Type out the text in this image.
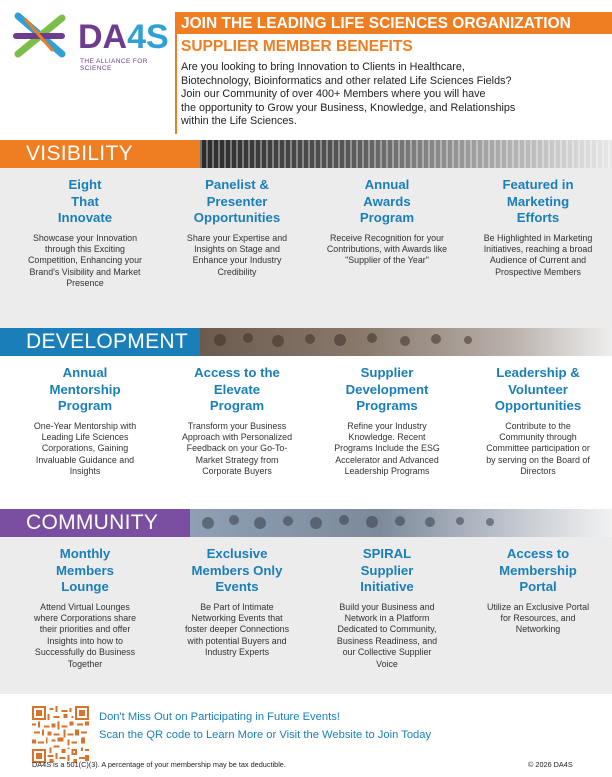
DA4S
THE ALLIANCE FOR SCIENCE
JOIN THE LEADING LIFE SCIENCES ORGANIZATION
SUPPLIER MEMBER BENEFITS

Are you looking to bring Innovation to Clients in Healthcare,

Biotechnology, Bioinformatics and other related Life Sciences Fields?

Join our Community of over 400+ Members where you will have

the opportunity to Grow your Business, Knowledge, and Relationships

within the Life Sciences.

VISIBILITY
Eight That Innovate

Showcase your Innovation through this Exciting Competition, Enhancing your Brand's Visibility and Market Presence

Panelist & Presenter Opportunities

Share your Expertise and Insights on Stage and Enhance your Industry Credibility

Annual Awards Program

Receive Recognition for your Contributions, with Awards like "Supplier of the Year"

Featured in Marketing Efforts

Be Highlighted in Marketing Initiatives, reaching a broad Audience of Current and Prospective Members

DEVELOPMENT
Annual Mentorship Program

One-Year Mentorship with Leading Life Sciences Corporations, Gaining Invaluable Guidance and Insights

Access to the Elevate Program

Transform your Business Approach with Personalized Feedback on your Go-To-Market Strategy from Corporate Buyers

Supplier Development Programs

Refine your Industry Knowledge. Recent Programs Include the ESG Accelerator and Advanced Leadership Programs

Leadership & Volunteer Opportunities

Contribute to the Community through Committee participation or by serving on the Board of Directors

COMMUNITY
Monthly Members Lounge

Attend Virtual Lounges where Corporations share their priorities and offer Insights into how to Successfully do Business Together

Exclusive Members Only Events

Be Part of Intimate Networking Events that foster deeper Connections with potential Buyers and Industry Experts

SPIRAL Supplier Initiative

Build your Business and Network in a Platform Dedicated to Community, Business Readiness, and our Collective Supplier Voice

Access to Membership Portal

Utilize an Exclusive Portal for Resources, and Networking

Don't Miss Out on Participating in Future Events!
Scan the QR code to Learn More or Visit the Website to Join Today
DA4S is a 501(C)(3). A percentage of your membership may be tax deductible.	© 2026 DA4S
